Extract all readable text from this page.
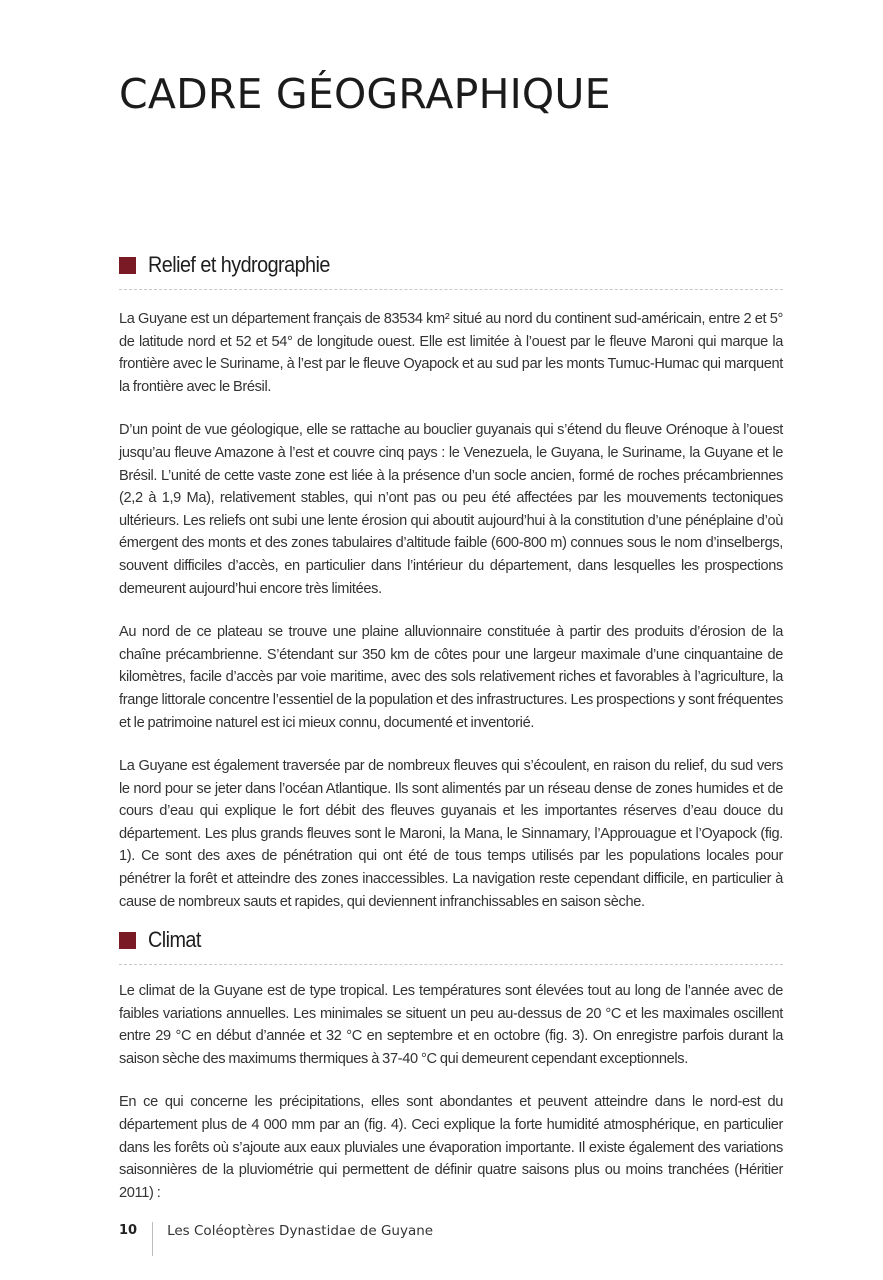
CADRE GÉOGRAPHIQUE
Relief et hydrographie

La Guyane est un département français de 83534 km² situé au nord du continent sud-américain, entre 2 et 5° de latitude nord et 52 et 54° de longitude ouest. Elle est limitée à l’ouest par le fleuve Maroni qui marque la frontière avec le Suriname, à l’est par le fleuve Oyapock et au sud par les monts Tumuc-Humac qui marquent la frontière avec le Brésil.

D’un point de vue géologique, elle se rattache au bouclier guyanais qui s’étend du fleuve Orénoque à l’ouest jusqu’au fleuve Amazone à l’est et couvre cinq pays : le Venezuela, le Guyana, le Suriname, la Guyane et le Brésil. L’unité de cette vaste zone est liée à la présence d’un socle ancien, formé de roches précambriennes (2,2 à 1,9 Ma), relativement stables, qui n’ont pas ou peu été affectées par les mouvements tectoniques ultérieurs. Les reliefs ont subi une lente érosion qui aboutit aujourd’hui à la constitution d’une pénéplaine d’où émergent des monts et des zones tabulaires d’altitude faible (600-800 m) connues sous le nom d’inselbergs, souvent difficiles d’accès, en particulier dans l’intérieur du département, dans lesquelles les prospections demeurent aujourd’hui encore très limitées.

Au nord de ce plateau se trouve une plaine alluvionnaire constituée à partir des produits d’érosion de la chaîne précambrienne. S’étendant sur 350 km de côtes pour une largeur maximale d’une cinquantaine de kilomètres, facile d’accès par voie maritime, avec des sols relativement riches et favorables à l’agriculture, la frange littorale concentre l’essentiel de la population et des infrastructures. Les prospections y sont fréquentes et le patrimoine naturel est ici mieux connu, documenté et inventorié.

La Guyane est également traversée par de nombreux fleuves qui s’écoulent, en raison du relief, du sud vers le nord pour se jeter dans l’océan Atlantique. Ils sont alimentés par un réseau dense de zones humides et de cours d’eau qui explique le fort débit des fleuves guyanais et les importantes réserves d’eau douce du département. Les plus grands fleuves sont le Maroni, la Mana, le Sinnamary, l’Approuague et l’Oyapock (fig. 1). Ce sont des axes de pénétration qui ont été de tous temps utilisés par les populations locales pour pénétrer la forêt et atteindre des zones inaccessibles. La navigation reste cependant difficile, en particulier à cause de nombreux sauts et rapides, qui deviennent infranchissables en saison sèche.

Climat

Le climat de la Guyane est de type tropical. Les températures sont élevées tout au long de l’année avec de faibles variations annuelles. Les minimales se situent un peu au-dessus de 20 °C et les maximales oscillent entre 29 °C en début d’année et 32 °C en septembre et en octobre (fig. 3). On enregistre parfois durant la saison sèche des maximums thermiques à 37-40 °C qui demeurent cependant exceptionnels.

En ce qui concerne les précipitations, elles sont abondantes et peuvent atteindre dans le nord-est du département plus de 4 000 mm par an (fig. 4). Ceci explique la forte humidité atmosphérique, en particulier dans les forêts où s’ajoute aux eaux pluviales une évaporation importante. Il existe également des variations saisonnières de la pluviométrie qui permettent de définir quatre saisons plus ou moins tranchées (Héritier 2011) :

10 Les Coléoptères Dynastidae de Guyane
